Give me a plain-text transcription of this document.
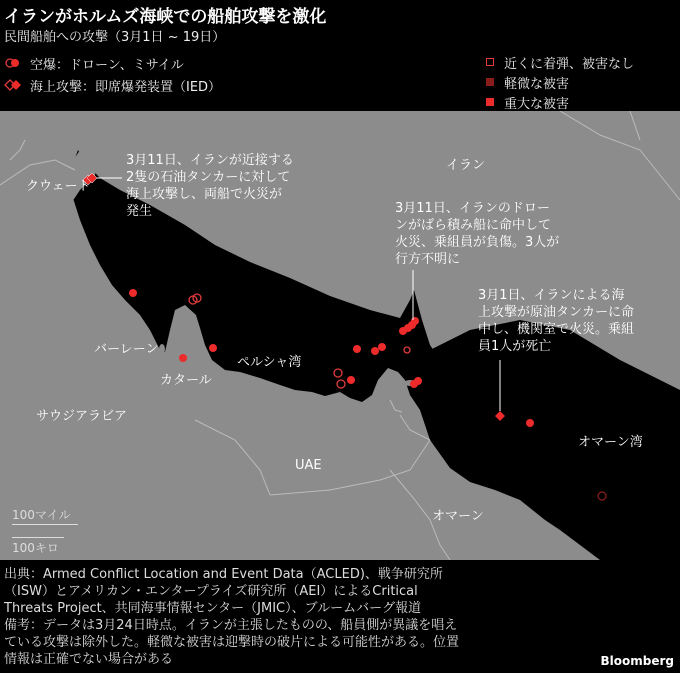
イランがホルムズ海峡での船舶攻撃を激化
民間船舶への攻撃（3月1日 ~ 19日）
空爆：ドローン、ミサイル
海上攻撃：即席爆発装置（IED）
近くに着弾、被害なし
軽微な被害
重大な被害
クウェート
イラン
バーレーン
カタール
ペルシャ湾
サウジアラビア
UAE
オマーン
オマーン湾
3月11日、イランが近接する
2隻の石油タンカーに対して
海上攻撃し、両船で火災が
発生	3月11日、イランのドロー
ンがばら積み船に命中して
火災、乗組員が負傷。3人が
行方不明に
3月1日、イランによる海
上攻撃が原油タンカーに命
中し、機関室で火災。乗組
員1人が死亡
100マイル
100キロ
出典：Armed Conflict Location and Event Data（ACLED)、戦争研究所
（ISW）とアメリカン・エンタープライズ研究所（AEI）によるCritical
Threats Project、共同海事情報センター（JMIC）、ブルームバーグ報道
備考：データは3月24日時点。イランが主張したものの、船員側が異議を唱え
ている攻撃は除外した。軽微な被害は迎撃時の破片による可能性がある。位置
情報は正確でない場合がある	Bloomberg
